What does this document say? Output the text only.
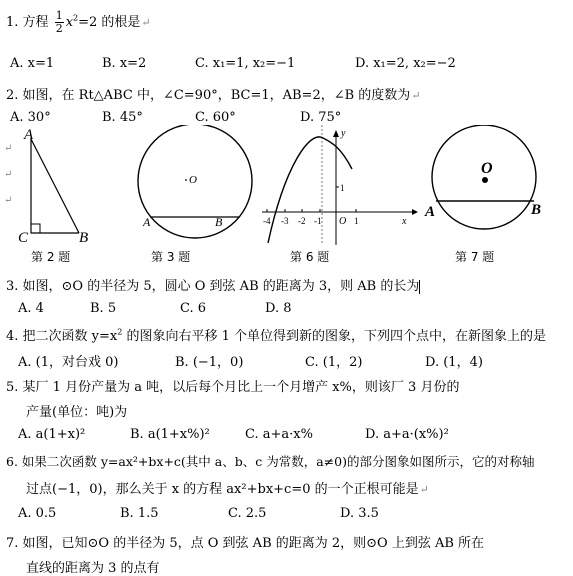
1. 方程 $\frac{1}{2} x^2=2$ 的根是↵
A. x=1	B. x=2	C. x₁=1, x₂=−1	D. x₁=2, x₂=−2
2. 如图，在 Rt△ABC 中，∠C=90°，BC=1，AB=2，∠B 的度数为↵
A. 30°	B. 45°	C. 60°	D. 75°
A
C	B
O
A	B
y
x
O
1
-4 -3 -2 -1	1
O
A	B
↵
↵
↵
第 2 题	第 3 题	第 6 题	第 7 题
3. 如图，⊙O 的半径为 5，圆心 O 到弦 AB 的距离为 3，则 AB 的长为
A. 4	B. 5	C. 6	D. 8
4. 把二次函数 $y=x^2$ 的图象向右平移 1 个单位得到新的图象，下列四个点中，在新图象上的是
A. (1，对台戏 0)	B. (−1，0)	C. (1，2)	D. (1，4)
5. 某厂 1 月份产量为 a 吨，以后每个月比上一个月增产 x%，则该厂 3 月份的
产量(单位：吨)为
A. a(1+x)²	B. a(1+x%)²	C. a+a·x%	D. a+a·(x%)²
6. 如果二次函数 y=ax²+bx+c(其中 a、b、c 为常数，a≠0)的部分图象如图所示，它的对称轴
过点(−1，0)，那么关于 x 的方程 ax²+bx+c=0 的一个正根可能是↵
A. 0.5	B. 1.5	C. 2.5	D. 3.5
7. 如图，已知⊙O 的半径为 5，点 O 到弦 AB 的距离为 2，则⊙O 上到弦 AB 所在
直线的距离为 3 的点有
